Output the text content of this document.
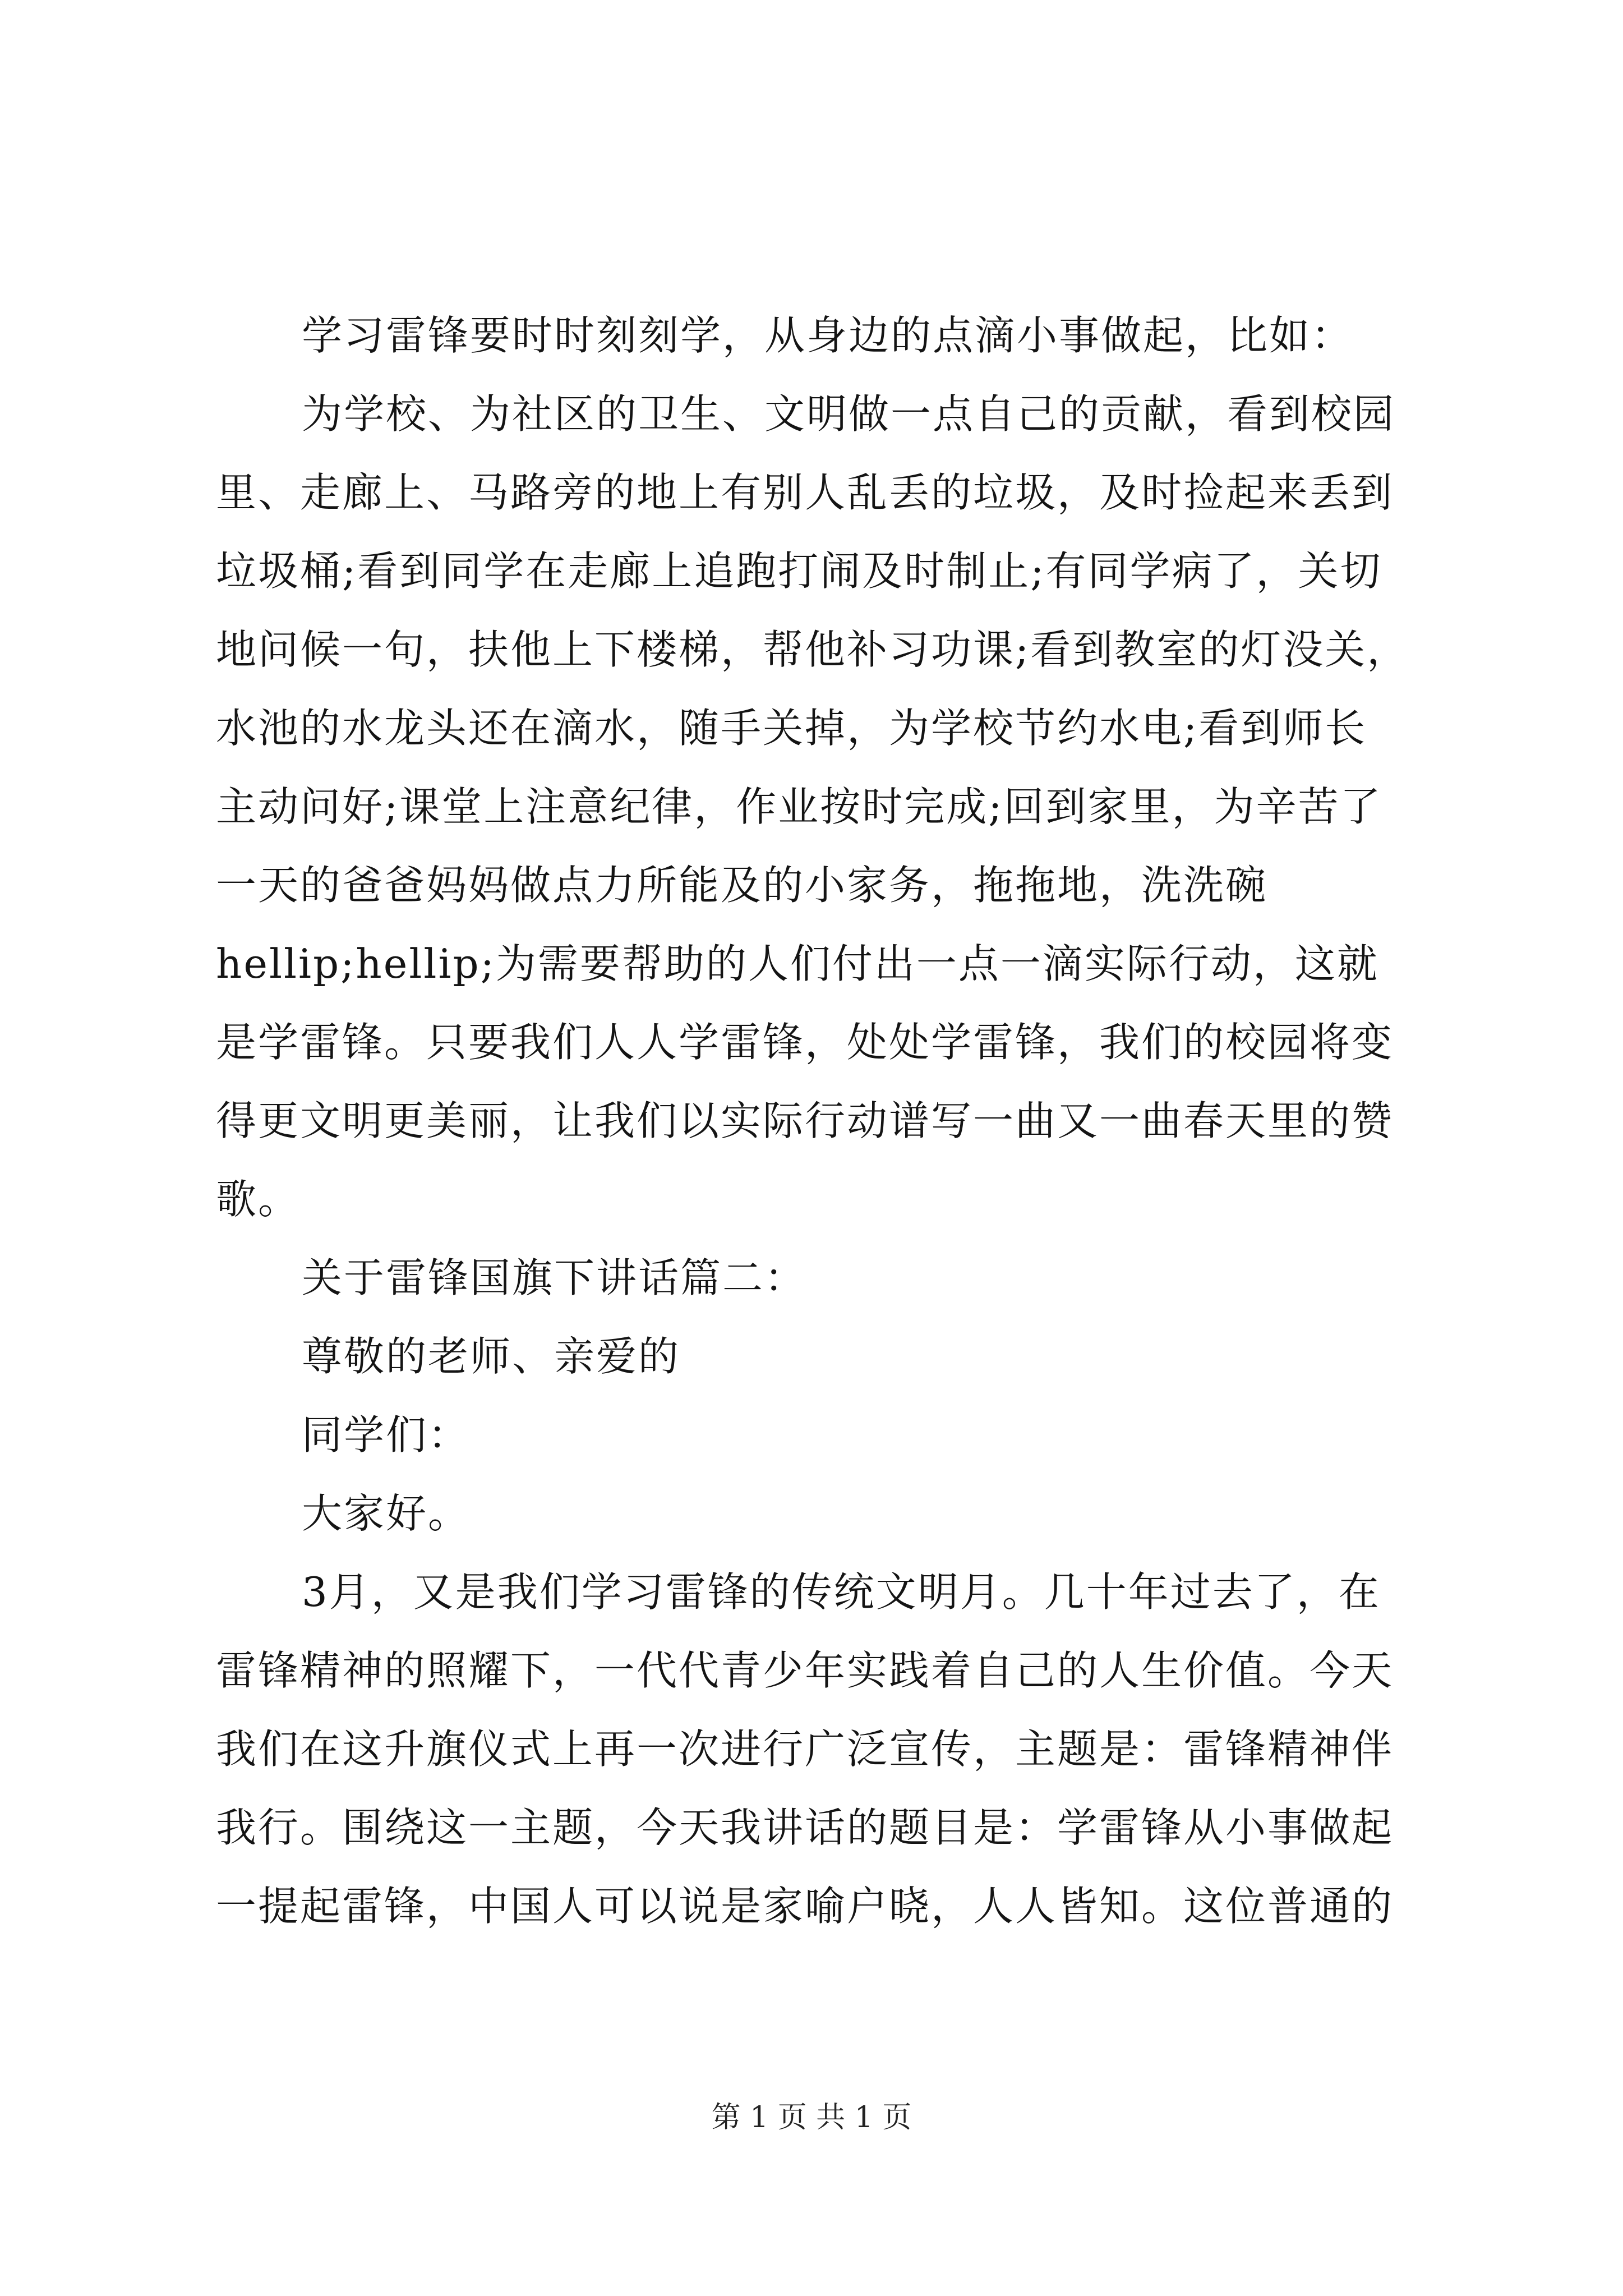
学习雷锋要时时刻刻学，从身边的点滴小事做起，比如：
为学校、为社区的卫生、文明做一点自己的贡献，看到校园
里、走廊上、马路旁的地上有别人乱丢的垃圾，及时捡起来丢到
垃圾桶;看到同学在走廊上追跑打闹及时制止;有同学病了，关切
地问候一句，扶他上下楼梯，帮他补习功课;看到教室的灯没关，
水池的水龙头还在滴水，随手关掉，为学校节约水电;看到师长
主动问好;课堂上注意纪律，作业按时完成;回到家里，为辛苦了
一天的爸爸妈妈做点力所能及的小家务，拖拖地，洗洗碗
hellip;hellip;为需要帮助的人们付出一点一滴实际行动，这就
是学雷锋。只要我们人人学雷锋，处处学雷锋，我们的校园将变
得更文明更美丽，让我们以实际行动谱写一曲又一曲春天里的赞
歌。
关于雷锋国旗下讲话篇二：
尊敬的老师、亲爱的
同学们：
大家好。
3月，又是我们学习雷锋的传统文明月。几十年过去了，在
雷锋精神的照耀下，一代代青少年实践着自己的人生价值。今天
我们在这升旗仪式上再一次进行广泛宣传，主题是：雷锋精神伴
我行。围绕这一主题，今天我讲话的题目是：学雷锋从小事做起
一提起雷锋，中国人可以说是家喻户晓，人人皆知。这位普通的
第 1 页 共 1 页
